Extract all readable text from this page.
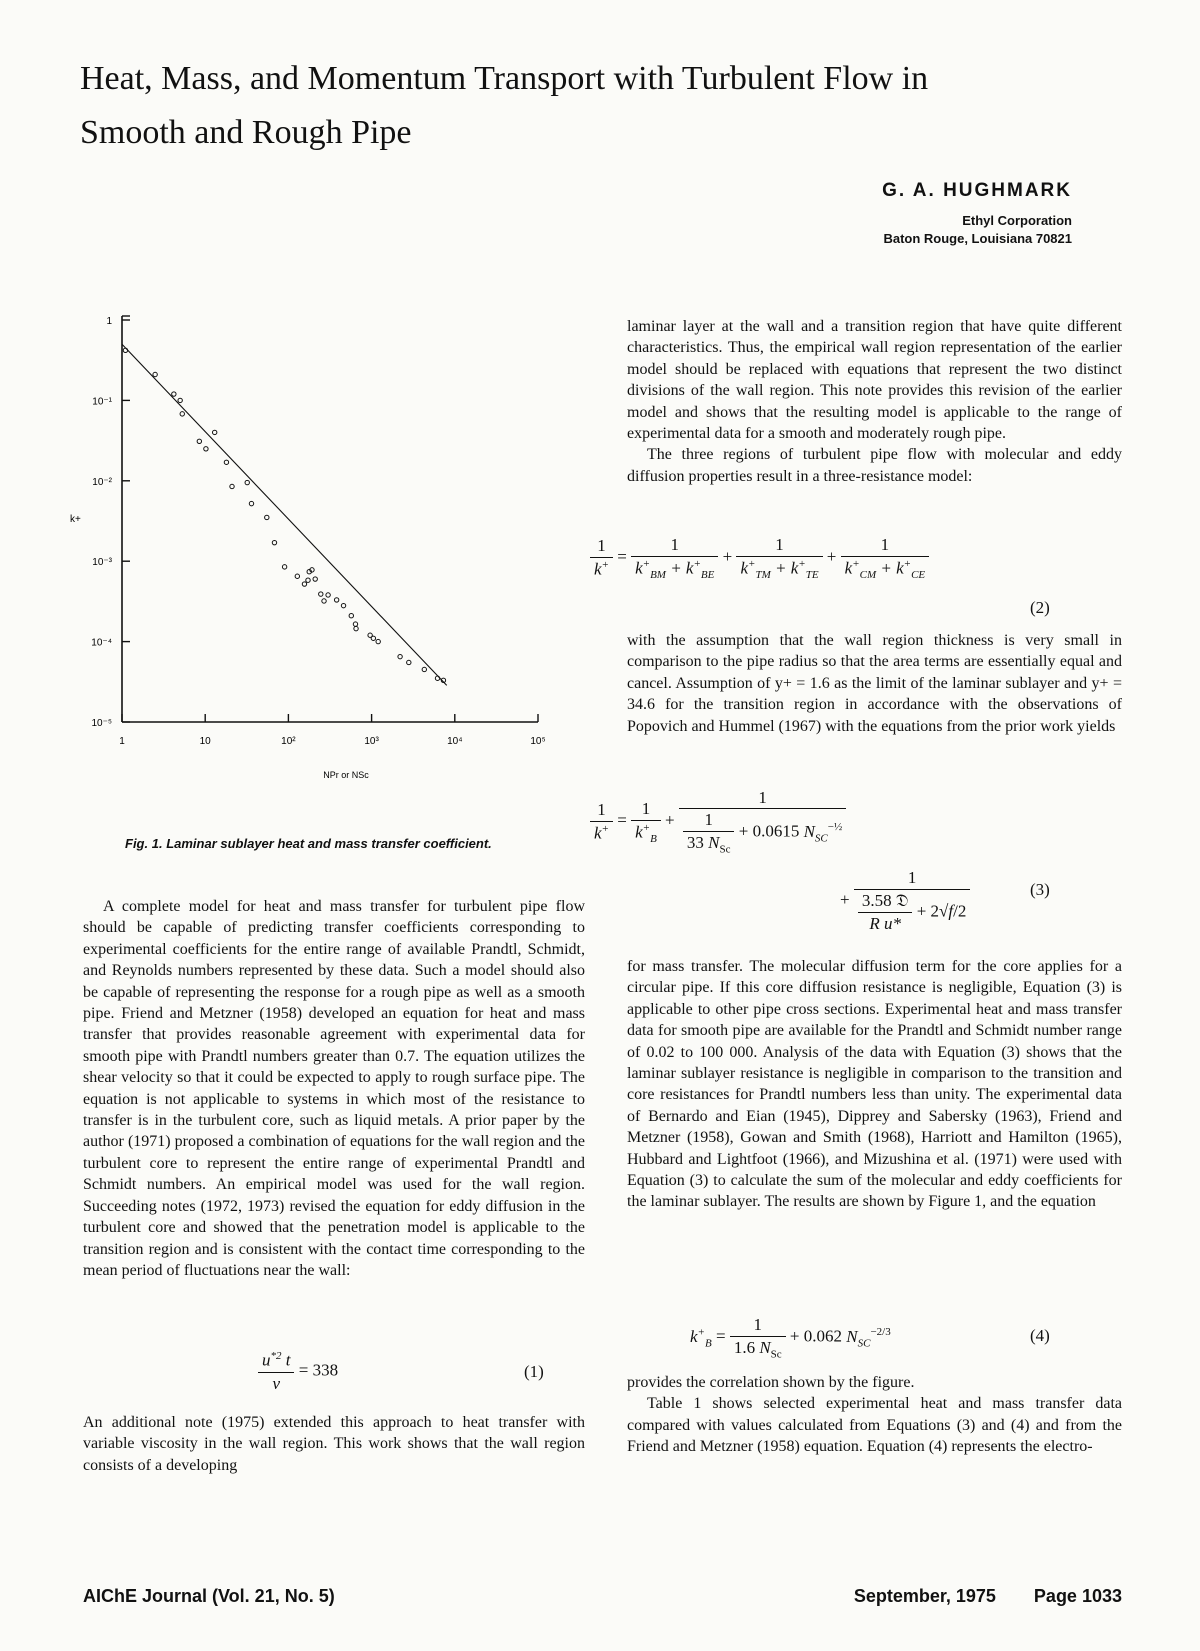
Heat, Mass, and Momentum Transport with Turbulent Flow in
Smooth and Rough Pipe
G. A. HUGHMARK
Ethyl Corporation
Baton Rouge, Louisiana 70821
1
10⁻¹
10⁻²
10⁻³
10⁻⁴
10⁻⁵
1	10	10²	10³	10⁴	10⁵
k+
NPr or NSc
Fig. 1. Laminar sublayer heat and mass transfer coefficient.

A complete model for heat and mass transfer for turbulent pipe flow should be capable of predicting transfer coefficients corresponding to experimental coefficients for the entire range of available Prandtl, Schmidt, and Reynolds numbers represented by these data. Such a model should also be capable of representing the response for a rough pipe as well as a smooth pipe. Friend and Metzner (1958) developed an equation for heat and mass transfer that provides reasonable agreement with experimental data for smooth pipe with Prandtl numbers greater than 0.7. The equation utilizes the shear velocity so that it could be expected to apply to rough surface pipe. The equation is not applicable to systems in which most of the resistance to transfer is in the turbulent core, such as liquid metals. A prior paper by the author (1971) proposed a combination of equations for the wall region and the turbulent core to represent the entire range of experimental Prandtl and Schmidt numbers. An empirical model was used for the wall region. Succeeding notes (1972, 1973) revised the equation for eddy diffusion in the turbulent core and showed that the penetration model is applicable to the transition region and is consistent with the contact time corresponding to the mean period of fluctuations near the wall:

$\frac{u^{*2} t}{\nu} = 338$	(1)

An additional note (1975) extended this approach to heat transfer with variable viscosity in the wall region. This work shows that the wall region consists of a developing

laminar layer at the wall and a transition region that have quite different characteristics. Thus, the empirical wall region representation of the earlier model should be replaced with equations that represent the two distinct divisions of the wall region. This note provides this revision of the earlier model and shows that the resulting model is applicable to the range of experimental data for a smooth and moderately rough pipe.

The three regions of turbulent pipe flow with molecular and eddy diffusion properties result in a three-resistance model:

$\frac{1}{k^+} = \frac{1}{k^+_{BM} + k^+_{BE}} + \frac{1}{k^+_{TM} + k^+_{TE}} + \frac{1}{k^+_{CM} + k^+_{CE}}$
(2)

with the assumption that the wall region thickness is very small in comparison to the pipe radius so that the area terms are essentially equal and cancel. Assumption of y+ = 1.6 as the limit of the laminar sublayer and y+ = 34.6 for the transition region in accordance with the observations of Popovich and Hummel (1967) with the equations from the prior work yields

$\frac{1}{k^+} = \frac{1}{k^+_B} + \frac{1}{\frac{1}{33 N_{Sc}} + 0.0615 N_{SC}^{-\frac{1}{2}}}$
+ $\frac{1}{\frac{\text{3.58 𝔇}}{\text{R u*}} + 2√f/2}$	(3)

for mass transfer. The molecular diffusion term for the core applies for a circular pipe. If this core diffusion resistance is negligible, Equation (3) is applicable to other pipe cross sections. Experimental heat and mass transfer data for smooth pipe are available for the Prandtl and Schmidt number range of 0.02 to 100 000. Analysis of the data with Equation (3) shows that the laminar sublayer resistance is negligible in comparison to the transition and core resistances for Prandtl numbers less than unity. The experimental data of Bernardo and Eian (1945), Dipprey and Sabersky (1963), Friend and Metzner (1958), Gowan and Smith (1968), Harriott and Hamilton (1965), Hubbard and Lightfoot (1966), and Mizushina et al. (1971) were used with Equation (3) to calculate the sum of the molecular and eddy coefficients for the laminar sublayer. The results are shown by Figure 1, and the equation

$k^+_B = \frac{1}{1.6 N_{Sc}} + 0.062$ $N_{SC}^{-2/3}$	(4)

provides the correlation shown by the figure.

Table 1 shows selected experimental heat and mass transfer data compared with values calculated from Equations (3) and (4) and from the Friend and Metzner (1958) equation. Equation (4) represents the electro-

AIChE Journal (Vol. 21, No. 5)	September, 1975 Page 1033
